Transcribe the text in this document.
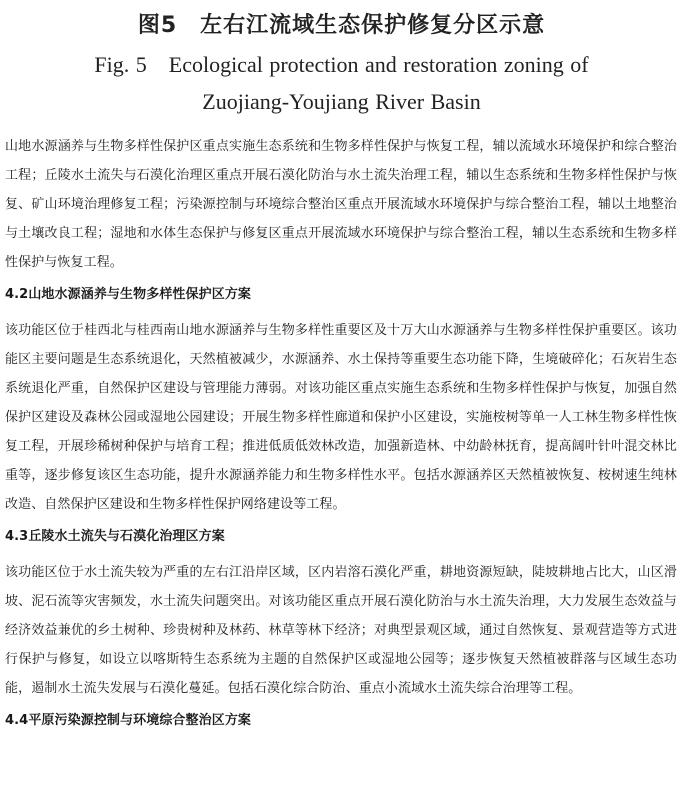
图5　左右江流域生态保护修复分区示意
Fig. 5　Ecological protection and restoration zoning of
Zuojiang-Youjiang River Basin

山地水源涵养与生物多样性保护区重点实施生态系统和生物多样性保护与恢复工程，辅以流域水环境保护和综合整治工程；丘陵水土流失与石漠化治理区重点开展石漠化防治与水土流失治理工程，辅以生态系统和生物多样性保护与恢复、矿山环境治理修复工程；污染源控制与环境综合整治区重点开展流域水环境保护与综合整治工程，辅以土地整治与土壤改良工程；湿地和水体生态保护与修复区重点开展流域水环境保护与综合整治工程，辅以生态系统和生物多样性保护与恢复工程。

4.2山地水源涵养与生物多样性保护区方案

该功能区位于桂西北与桂西南山地水源涵养与生物多样性重要区及十万大山水源涵养与生物多样性保护重要区。该功能区主要问题是生态系统退化，天然植被减少，水源涵养、水土保持等重要生态功能下降，生境破碎化；石灰岩生态系统退化严重，自然保护区建设与管理能力薄弱。对该功能区重点实施生态系统和生物多样性保护与恢复，加强自然保护区建设及森林公园或湿地公园建设；开展生物多样性廊道和保护小区建设，实施桉树等单一人工林生物多样性恢复工程，开展珍稀树种保护与培育工程；推进低质低效林改造，加强新造林、中幼龄林抚育，提高阔叶针叶混交林比重等，逐步修复该区生态功能，提升水源涵养能力和生物多样性水平。包括水源涵养区天然植被恢复、桉树速生纯林改造、自然保护区建设和生物多样性保护网络建设等工程。

4.3丘陵水土流失与石漠化治理区方案

该功能区位于水土流失较为严重的左右江沿岸区域，区内岩溶石漠化严重，耕地资源短缺，陡坡耕地占比大，山区滑坡、泥石流等灾害频发，水土流失问题突出。对该功能区重点开展石漠化防治与水土流失治理，大力发展生态效益与经济效益兼优的乡土树种、珍贵树种及林药、林草等林下经济；对典型景观区域，通过自然恢复、景观营造等方式进行保护与修复，如设立以喀斯特生态系统为主题的自然保护区或湿地公园等；逐步恢复天然植被群落与区域生态功能，遏制水土流失发展与石漠化蔓延。包括石漠化综合防治、重点小流域水土流失综合治理等工程。

4.4平原污染源控制与环境综合整治区方案
